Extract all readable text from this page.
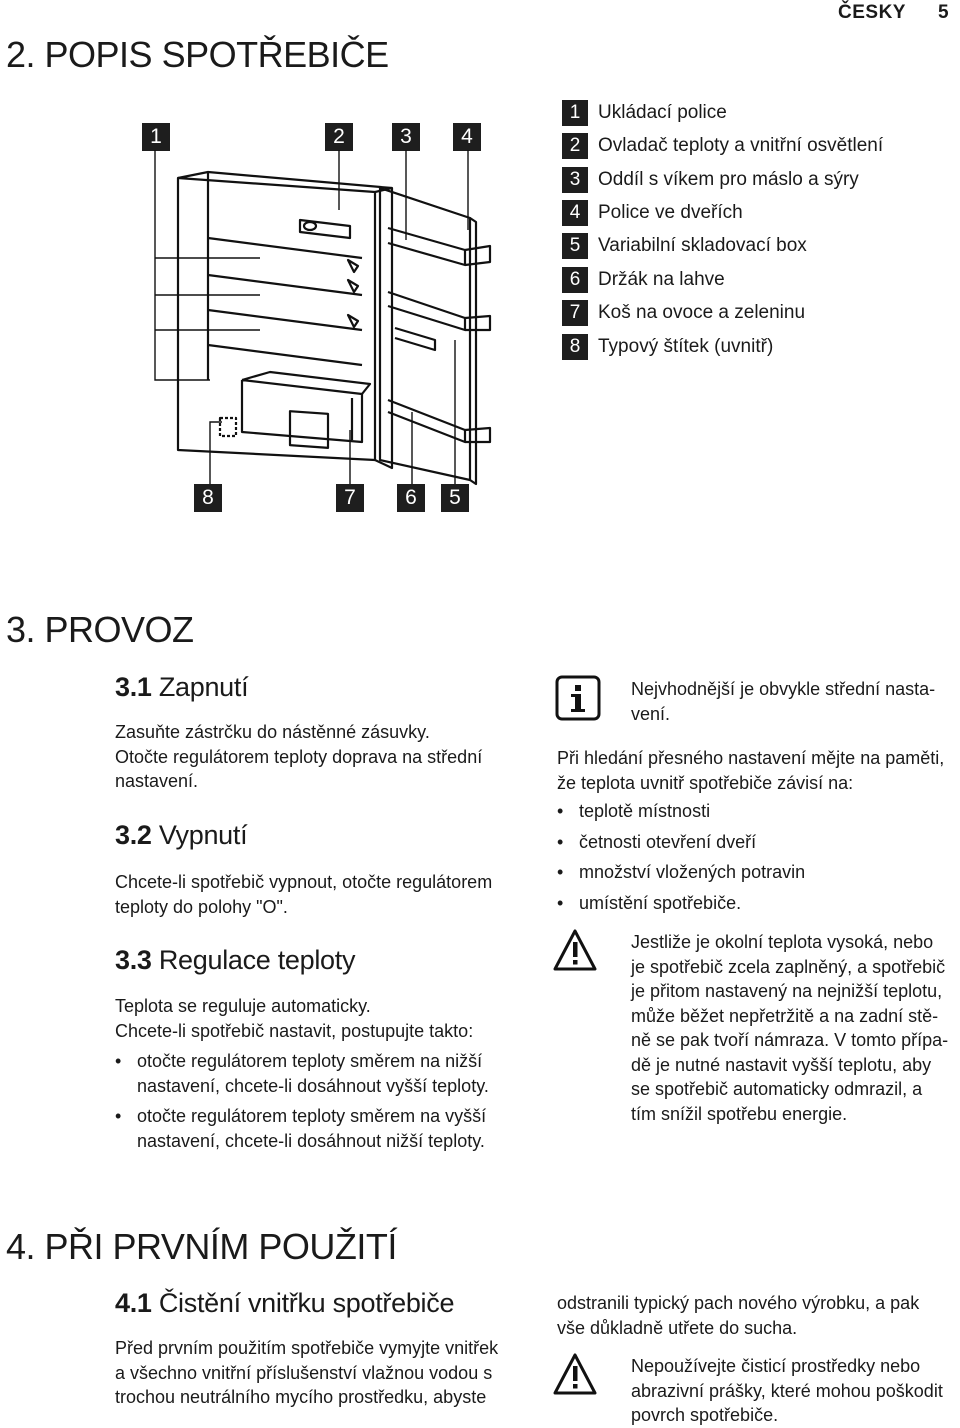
ČESKY 5
2. POPIS SPOTŘEBIČE
1	2	3	4
8	7	6	5
1 Ukládací police
2 Ovladač teploty a vnitřní osvětlení
3 Oddíl s víkem pro máslo a sýry
4 Police ve dveřích
5 Variabilní skladovací box
6 Držák na lahve
7 Koš na ovoce a zeleninu
8 Typový štítek (uvnitř)
3. PROVOZ
3.1 Zapnutí
Zasuňte zástrčku do nástěnné zásuvky.
Otočte regulátorem teploty doprava na střední
nastavení.
3.2 Vypnutí
Chcete-li spotřebič vypnout, otočte regulátorem
teploty do polohy "O".
3.3 Regulace teploty
Teplota se reguluje automaticky.
Chcete-li spotřebič nastavit, postupujte takto:
• otočte regulátorem teploty směrem na nižší
nastavení, chcete-li dosáhnout vyšší teploty.
• otočte regulátorem teploty směrem na vyšší
nastavení, chcete-li dosáhnout nižší teploty.
Nejvhodnější je obvykle střední nasta-
vení.
Při hledání přesného nastavení mějte na paměti,
že teplota uvnitř spotřebiče závisí na:
• teplotě místnosti
• četnosti otevření dveří
• množství vložených potravin
• umístění spotřebiče.
Jestliže je okolní teplota vysoká, nebo
je spotřebič zcela zaplněný, a spotřebič
je přitom nastavený na nejnižší teplotu,
může běžet nepřetržitě a na zadní stě-
ně se pak tvoří námraza. V tomto přípa-
dě je nutné nastavit vyšší teplotu, aby
se spotřebič automaticky odmrazil, a
tím snížil spotřebu energie.
4. PŘI PRVNÍM POUŽITÍ
4.1 Čistění vnitřku spotřebiče
Před prvním použitím spotřebiče vymyjte vnitřek
a všechno vnitřní příslušenství vlažnou vodou s
trochou neutrálního mycího prostředku, abyste
odstranili typický pach nového výrobku, a pak
vše důkladně utřete do sucha.
Nepoužívejte čisticí prostředky nebo
abrazivní prášky, které mohou poškodit
povrch spotřebiče.
